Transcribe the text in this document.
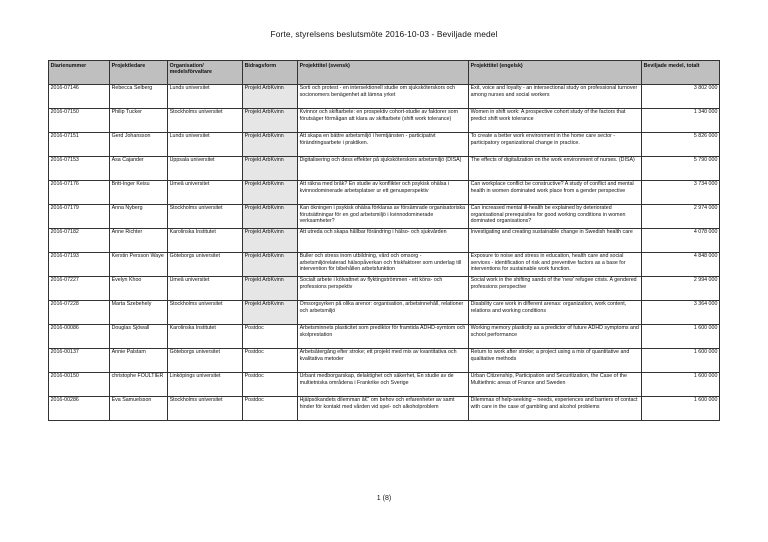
Forte, styrelsens beslutsmöte 2016-10-03 - Beviljade medel
Diarienummer	Projektledare	Organisation/ medelsförvaltare	Bidragsform	Projekttitel (svensk)	Projekttitel (engelsk)	Beviljade medel, totalt
2016-07146	Rebecca Selberg	Lunds universitet	Projekt ArbKvinn	Sorti och protest - en intersektionell studie om sjuksköterskors och socionomers benägenhet att lämna yrket	Exit, voice and loyalty - an intersectional study on professional turnover among nurses and social workers	3 802 000
2016-07150	Philip Tucker	Stockholms universitet	Projekt ArbKvinn	Kvinnor och skiftarbete: en prospektiv cohort-studie av faktorer som förutsäger förmågan att klara av skiftarbete (shift work tolerance)	Women in shift work: A prospective cohort study of the factors that predict shift work tolerance	1 340 000
2016-07151	Gerd Johansson	Lunds universitet	Projekt ArbKvinn	Att skapa en bättre arbetsmiljö i hemtjänsten - participativt förändringsarbete i praktiken.	To create a better work environment in the home care sector - participatory organizational change in practice.	5 826 000
2016-07153	Åsa Cajander	Uppsala universitet	Projekt ArbKvinn	Digitalisering och dess effekter på sjuksköterskors arbetsmiljö (DISA)	The effects of digitalization on the work environment of nurses. (DISA)	5 790 000
2016-07176	Britt-Inger Keisu	Umeå universitet	Projekt ArbKvinn	Att räkna med bråk? En studie av konflikter och psykisk ohälsa i kvinnodominerade arbetsplatser ur ett genusperspektiv	Can workplace conflict be constructive? A study of conflict and mental health in women dominated work place from a gender perspective	3 734 000
2016-07179	Anna Nyberg	Stockholms universitet	Projekt ArbKvinn	Kan ökningen i psykisk ohälsa förklaras av försämrade organisatoriska förutsättningar för en god arbetsmiljö i kvinnodominerade verksamheter?	Can increased mental ill-health be explained by deteriorated organisational prerequisites for good working conditions in women dominated organisations?	2 974 000
2016-07182	Anne Richter	Karolinska Institutet	Projekt ArbKvinn	Att utreda och skapa hållbar förändring i hälso- och sjukvården	Investigating and creating sustainable change in Swedish health care	4 078 000
2016-07193	Kerstin Persson Waye	Göteborgs universitet	Projekt ArbKvinn	Buller och stress inom utbildning, vård och omsorg - arbetsmiljörelaterad hälsopåverkan och friskfaktorer som underlag till intervention för bibehållen arbetsfunktion	Exposure to noise and stress in education, health care and social services - identification of risk and preventive factors as a base for interventions for sustainable work function.	4 848 000
2016-07227	Evelyn Khoo	Umeå universitet	Projekt ArbKvinn	Socialt arbete i kölvattnet av flyktingströmmen - ett köns- och professions perspektiv	Social work in the shifting sands of the 'new' refugee crisis. A gendered professions perspective	2 994 000
2016-07228	Marta Szebehely	Stockholms universitet	Projekt ArbKvinn	Omsorgsyrken på olika arenor: organisation, arbetsinnehåll, relationer och arbetsmiljö	Disability care work in different arenas: organization, work content, relations and working conditions	3 364 000
2016-00086	Douglas Sjöwall	Karolinska Institutet	Postdoc	Arbetsminnets plasticitet som prediktor för framtida ADHD-symtom och skolprestation	Working memory plasticity as a predictor of future ADHD symptoms and school performance	1 600 000
2016-00137	Annie Palstam	Göteborgs universitet	Postdoc	Arbetsåtergång efter stroke; ett projekt med mix av kvantitativa och kvalitativa metoder	Return to work after stroke; a project using a mix of quantitative and qualitative methods	1 600 000
2016-00150	christophe FOULTIER	Linköpings universitet	Postdoc	Urbant medborgarskap, delaktighet och säkerhet, En studie av de multietniska områdena i Frankrike och Sverige	Urban Citizenship, Participation and Securitization, the Case of the Multiethnic areas of France and Sweden	1 600 000
2016-00286	Eva Samuelsson	Stockholms universitet	Postdoc	Hjälpsökandets dilemman â€“ om behov och erfarenheter av samt hinder för kontakt med vården vid spel- och alkoholproblem	Dilemmas of help-seeking – needs, experiences and barriers of contact with care in the case of gambling and alcohol problems	1 600 000
1 (8)
